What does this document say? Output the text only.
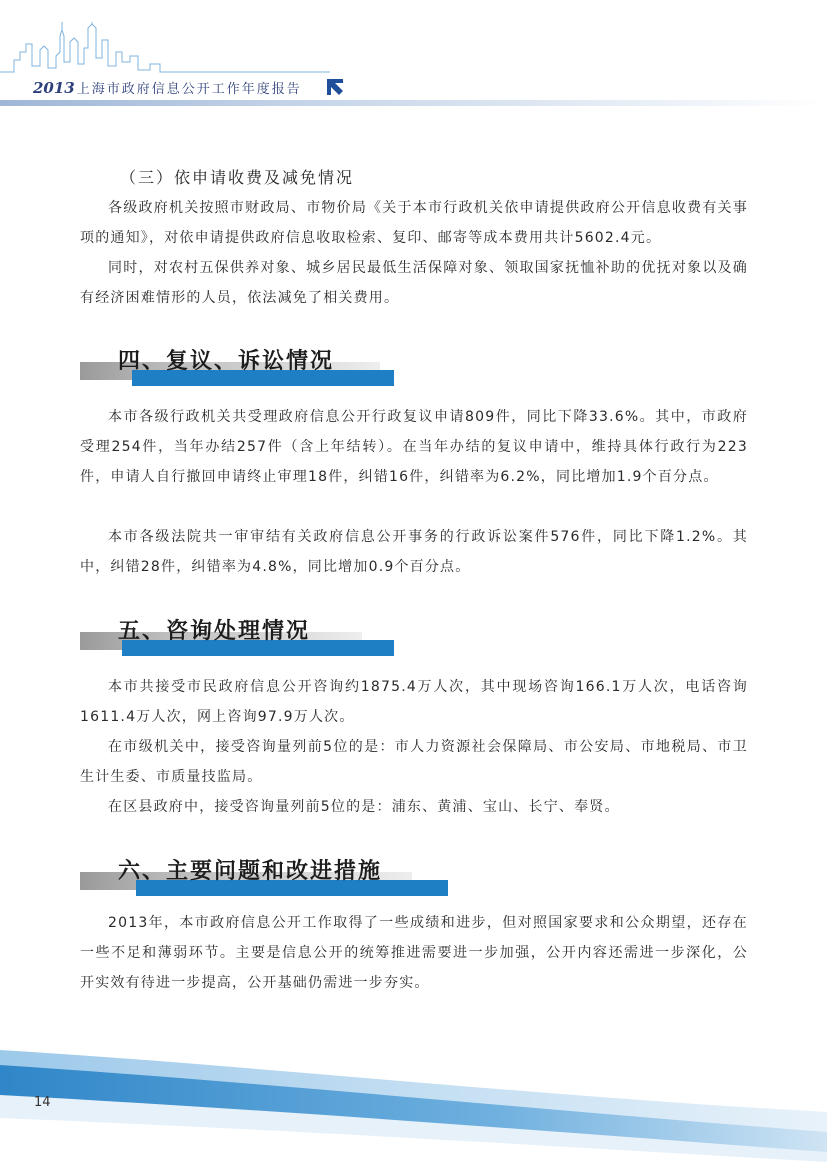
2013 上海市政府信息公开工作年度报告
（三）依申请收费及减免情况

各级政府机关按照市财政局、市物价局《关于本市行政机关依申请提供政府公开信息收费有关事项的通知》，对依申请提供政府信息收取检索、复印、邮寄等成本费用共计5602.4元。

同时，对农村五保供养对象、城乡居民最低生活保障对象、领取国家抚恤补助的优抚对象以及确有经济困难情形的人员，依法减免了相关费用。

四、复议、诉讼情况

本市各级行政机关共受理政府信息公开行政复议申请809件，同比下降33.6%。其中，市政府受理254件，当年办结257件（含上年结转）。在当年办结的复议申请中，维持具体行政行为223件，申请人自行撤回申请终止审理18件，纠错16件，纠错率为6.2%，同比增加1.9个百分点。

本市各级法院共一审审结有关政府信息公开事务的行政诉讼案件576件，同比下降1.2%。其中，纠错28件，纠错率为4.8%，同比增加0.9个百分点。

五、咨询处理情况

本市共接受市民政府信息公开咨询约1875.4万人次，其中现场咨询166.1万人次，电话咨询1611.4万人次，网上咨询97.9万人次。

在市级机关中，接受咨询量列前5位的是：市人力资源社会保障局、市公安局、市地税局、市卫生计生委、市质量技监局。

在区县政府中，接受咨询量列前5位的是：浦东、黄浦、宝山、长宁、奉贤。

六、主要问题和改进措施

2013年，本市政府信息公开工作取得了一些成绩和进步，但对照国家要求和公众期望，还存在一些不足和薄弱环节。主要是信息公开的统筹推进需要进一步加强，公开内容还需进一步深化，公开实效有待进一步提高，公开基础仍需进一步夯实。

14
